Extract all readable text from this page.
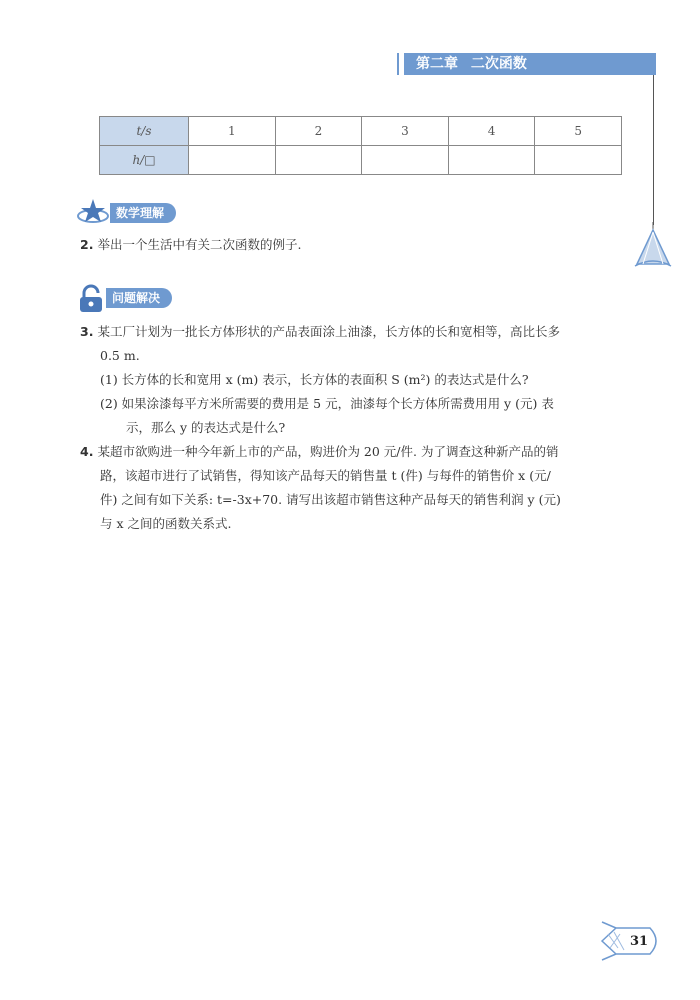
第二章 二次函数
t/s	1	2	3	4	5
h/□					
数学理解
2. 举出一个生活中有关二次函数的例子.
问题解决
3. 某工厂计划为一批长方体形状的产品表面涂上油漆，长方体的长和宽相等，高比长多
0.5 m.
(1) 长方体的长和宽用 x (m) 表示，长方体的表面积 S (m²) 的表达式是什么?
(2) 如果涂漆每平方米所需要的费用是 5 元，油漆每个长方体所需费用用 y (元) 表
示，那么 y 的表达式是什么?
4. 某超市欲购进一种今年新上市的产品，购进价为 20 元/件. 为了调查这种新产品的销
路，该超市进行了试销售，得知该产品每天的销售量 t (件) 与每件的销售价 x (元/
件) 之间有如下关系: t=-3x+70. 请写出该超市销售这种产品每天的销售利润 y (元)
与 x 之间的函数关系式.
31
